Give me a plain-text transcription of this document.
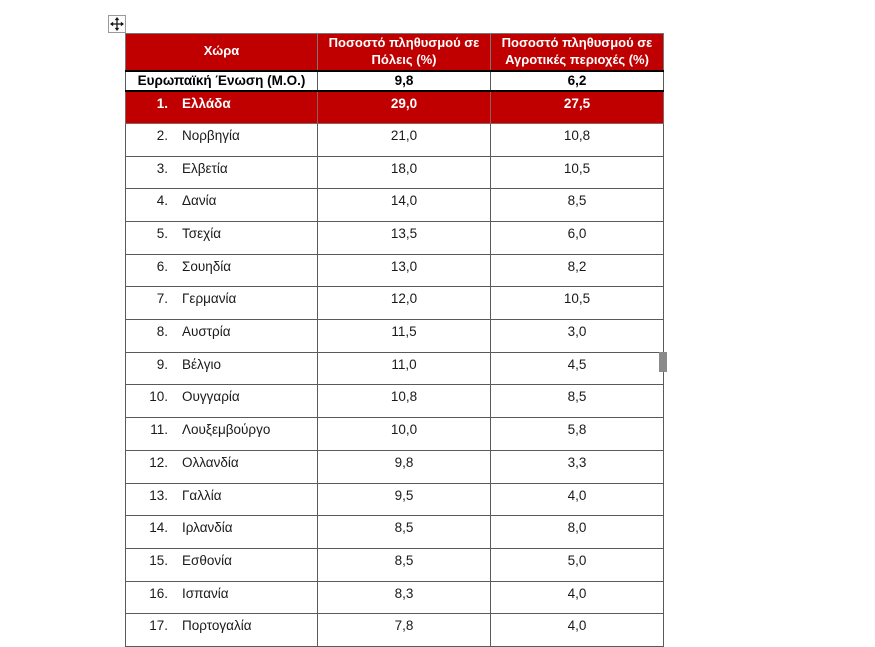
Χώρα	Ποσοστό πληθυσμού σε Πόλεις (%)	Ποσοστό πληθυσμού σε Αγροτικές περιοχές (%)
Ευρωπαϊκή Ένωση (Μ.Ο.)	9,8	6,2
1. Ελλάδα	29,0	27,5
2. Νορβηγία	21,0	10,8
3. Ελβετία	18,0	10,5
4. Δανία	14,0	8,5
5. Τσεχία	13,5	6,0
6. Σουηδία	13,0	8,2
7. Γερμανία	12,0	10,5
8. Αυστρία	11,5	3,0
9. Βέλγιο	11,0	4,5
10. Ουγγαρία	10,8	8,5
11. Λουξεμβούργο	10,0	5,8
12. Ολλανδία	9,8	3,3
13. Γαλλία	9,5	4,0
14. Ιρλανδία	8,5	8,0
15. Εσθονία	8,5	5,0
16. Ισπανία	8,3	4,0
17. Πορτογαλία	7,8	4,0
